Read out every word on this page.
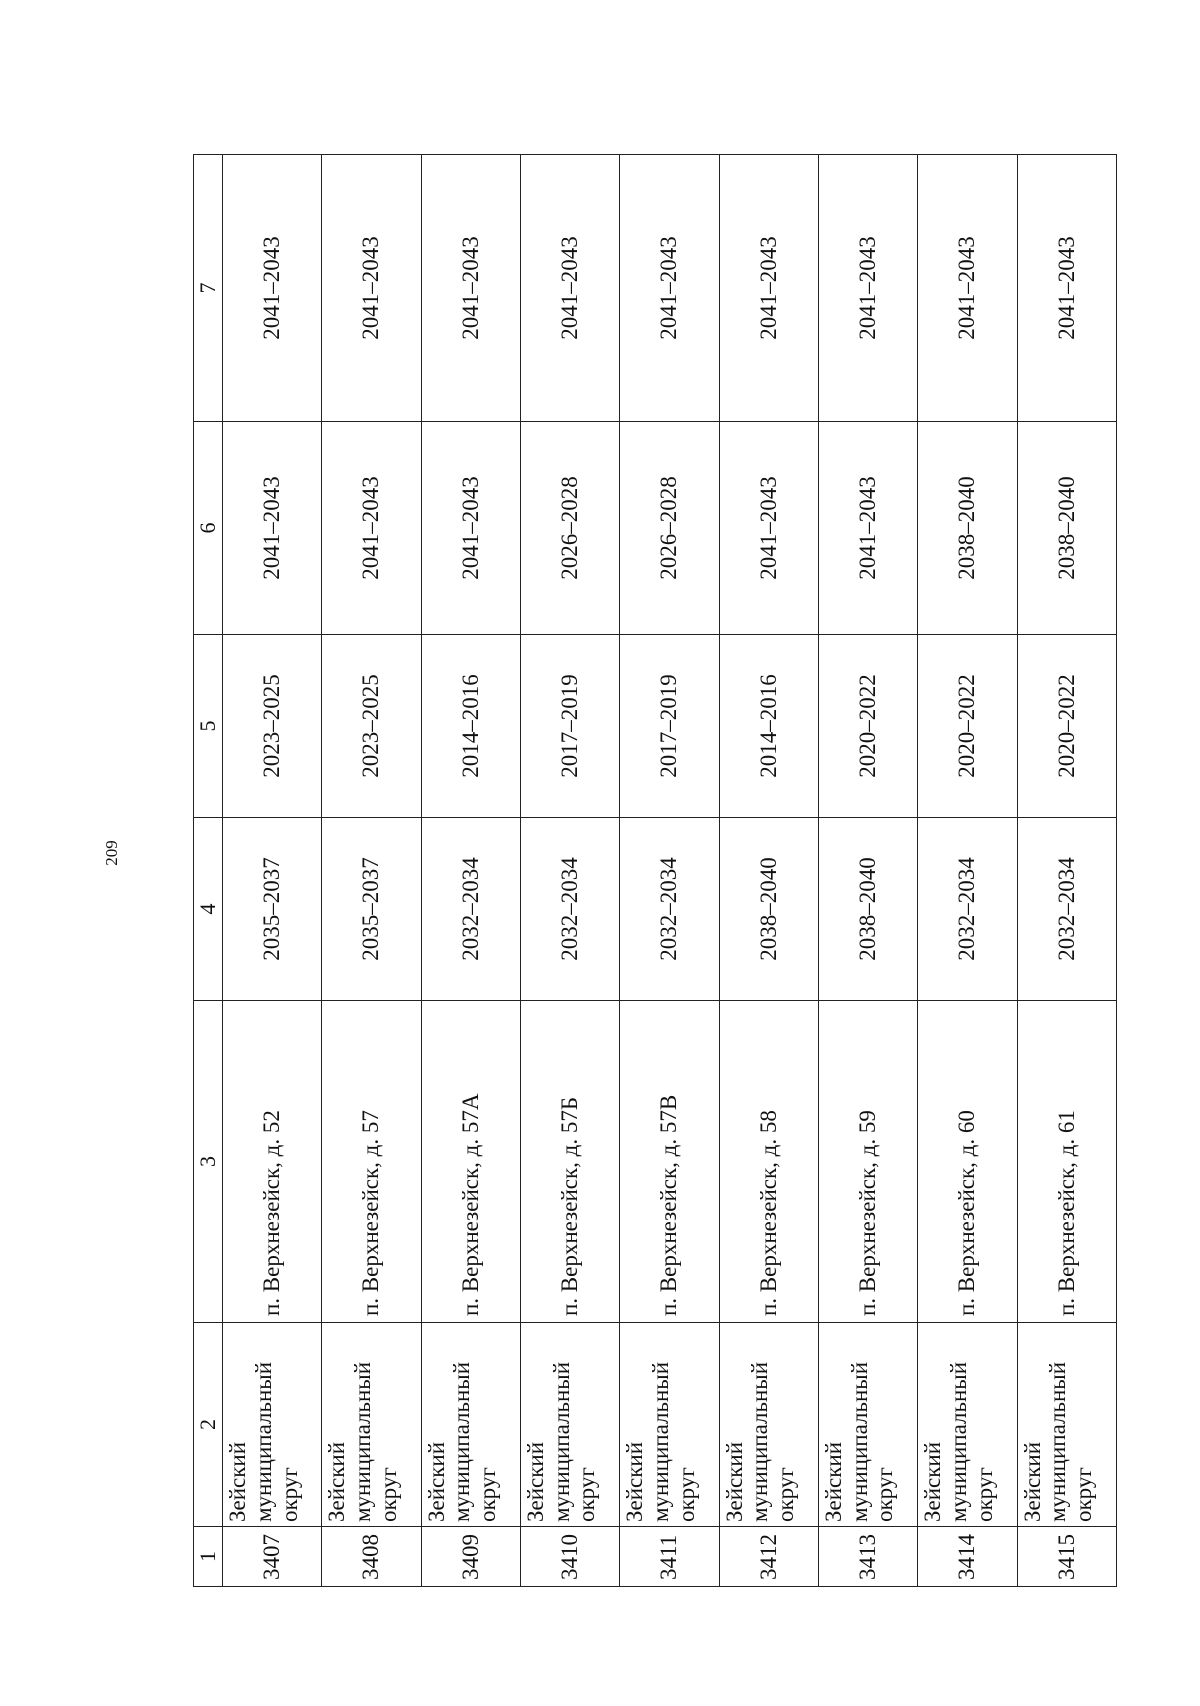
209
1	2	3	4	5	6	7
3407	Зейский муниципальный округ	п. Верхнезейск, д. 52	2035–2037	2023–2025	2041–2043	2041–2043
3408	Зейский муниципальный округ	п. Верхнезейск, д. 57	2035–2037	2023–2025	2041–2043	2041–2043
3409	Зейский муниципальный округ	п. Верхнезейск, д. 57А	2032–2034	2014–2016	2041–2043	2041–2043
3410	Зейский муниципальный округ	п. Верхнезейск, д. 57Б	2032–2034	2017–2019	2026–2028	2041–2043
3411	Зейский муниципальный округ	п. Верхнезейск, д. 57В	2032–2034	2017–2019	2026–2028	2041–2043
3412	Зейский муниципальный округ	п. Верхнезейск, д. 58	2038–2040	2014–2016	2041–2043	2041–2043
3413	Зейский муниципальный округ	п. Верхнезейск, д. 59	2038–2040	2020–2022	2041–2043	2041–2043
3414	Зейский муниципальный округ	п. Верхнезейск, д. 60	2032–2034	2020–2022	2038–2040	2041–2043
3415	Зейский муниципальный округ	п. Верхнезейск, д. 61	2032–2034	2020–2022	2038–2040	2041–2043
